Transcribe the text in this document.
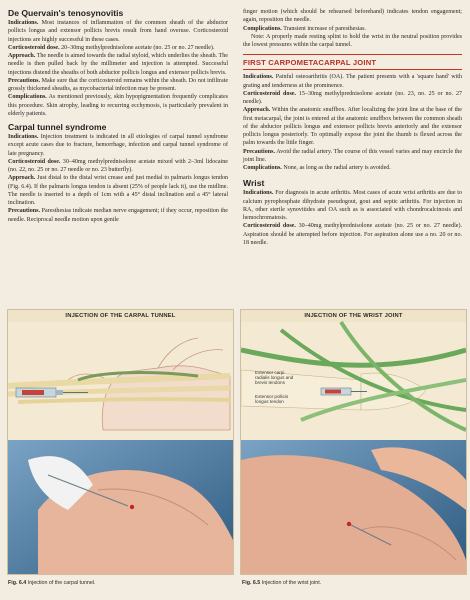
De Quervain's tenosynovitis

Indications. Most instances of inflammation of the common sheath of the abductor pollicis longus and extensor pollicis brevis result from hand overuse. Corticosteroid injections are highly successful in these cases.

Corticosteroid dose. 20–30mg methylprednisolone acetate (no. 25 or no. 27 needle).

Approach. The needle is aimed towards the radial styloid, which underlies the sheath. The needle is then pulled back by the millimeter and injection is attempted. Successful injections distend the sheaths of both abductor pollicis longus and extensor pollicis brevis.

Precautions. Make sure that the corticosteroid remains within the sheath. Do not infiltrate grossly thickened sheaths, as mycobacterial infection may be present.

Complications. As mentioned previously, skin hypopigmentation frequently complicates this procedure. Skin atrophy, leading to recurring ecchymosis, is particularly prevalent in elderly patients.

Carpal tunnel syndrome

Indications. Injection treatment is indicated in all etiologies of carpal tunnel syndrome except acute cases due to fracture, hemorrhage, infection and carpal tunnel syndrome of late pregnancy.

Corticosteroid dose. 30–40mg methylprednisolone acetate mixed with 2–3ml lidocaine (no. 22, no. 25 or no. 27 needle or no. 23 butterfly).

Approach. Just distal to the distal wrist crease and just medial to palmaris longus tendon (Fig. 6.4). If the palmaris longus tendon is absent (25% of people lack it), use the midline. The needle is inserted to a depth of 1cm with a 45° distal inclination and a 45° lateral inclination.

Precautions. Paresthesias indicate median nerve engagement; if they occur, reposition the needle. Reciprocal needle motion upon gentle

finger motion (which should be rehearsed beforehand) indicates tendon engagement; again, reposition the needle.

Complications. Transient increase of paresthesias.

Note: A properly made resting splint to hold the wrist in the neutral position provides the lowest pressures within the carpal tunnel.

FIRST CARPOMETACARPAL JOINT

Indications. Painful osteoarthritis (OA). The patient presents with a 'square hand' with grating and tenderness at the prominence.

Corticosteroid dose. 15–30mg methylprednisolone acetate (no. 23, no. 25 or no. 27 needle).

Approach. Within the anatomic snuffbox. After localizing the joint line at the base of the first metacarpal, the joint is entered at the anatomic snuffbox between the common sheath of the abductor pollicis longus and extensor pollicis brevis anteriorly and the extensor pollicis longus posteriorly. To optimally expose the joint the thumb is flexed across the palm towards the little finger.

Precautions. Avoid the radial artery. The course of this vessel varies and may encircle the joint line.

Complications. None, as long as the radial artery is avoided.

Wrist

Indications. For diagnosis in acute arthritis. Most cases of acute wrist arthritis are due to calcium pyrophosphate dihydrate pseudogout, gout and septic arthritis. For injection in RA, other sterile synovitides and OA such as is associated with chondrocalcinosis and hemochromatosis.

Corticosteroid dose. 30–40mg methylprednisolone acetate (no. 25 or no. 27 needle). Aspiration should be attempted before injection. For aspiration alone use a no. 20 or no. 18 needle.

INJECTION OF THE CARPAL TUNNEL	INJECTION OF THE WRIST JOINT
Extensor carpi radialis longus and brevis tendons
Extensor pollicis longus tendon
Fig. 6.4 Injection of the carpal tunnel.	Fig. 6.5 Injection of the wrist joint.
